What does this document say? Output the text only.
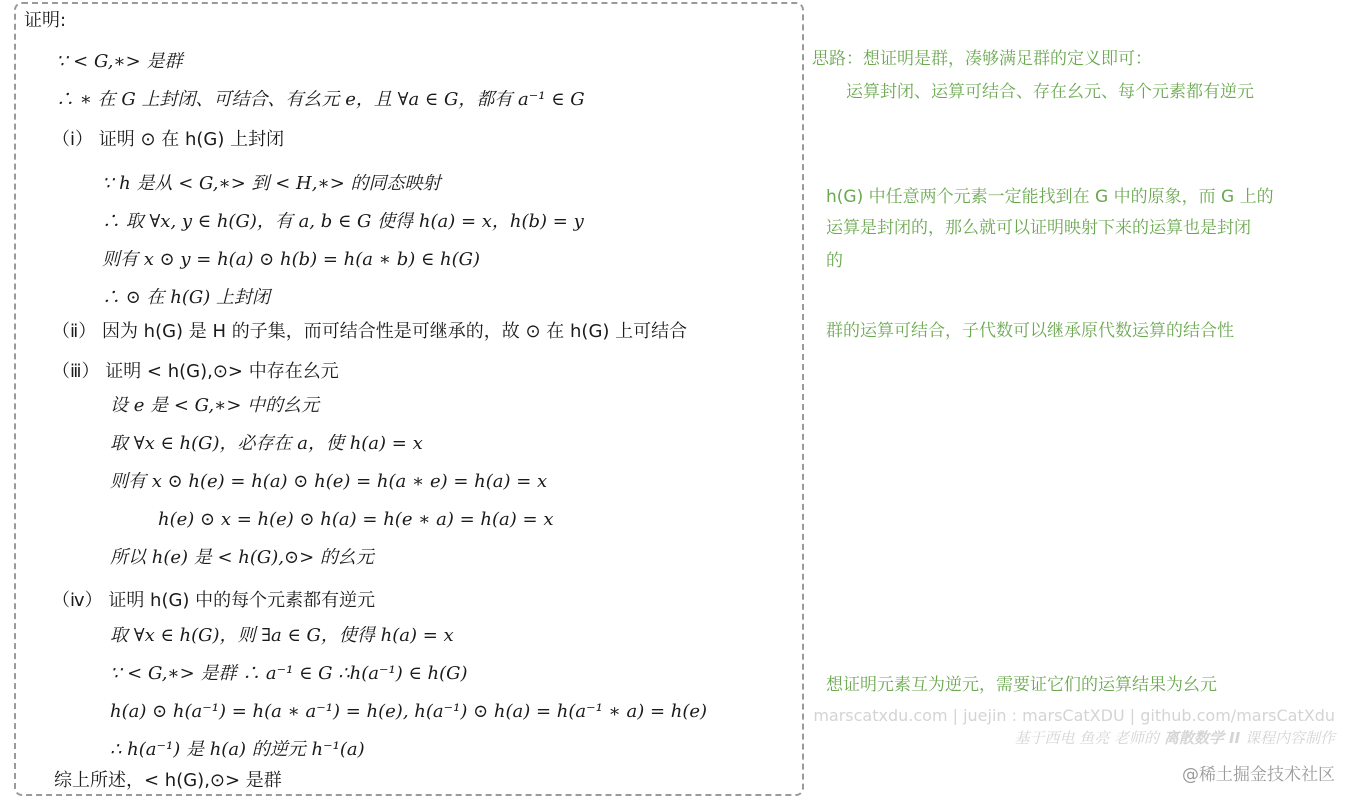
证明:
∵ < G,∗> 是群
∴ ∗ 在 G 上封闭、可结合、有幺元 e，且 ∀a ∈ G，都有 a⁻¹ ∈ G
（ⅰ） 证明 ⊙ 在 h(G) 上封闭
∵ h 是从 < G,∗> 到 < H,∗> 的同态映射
∴ 取 ∀x, y ∈ h(G)，有 a, b ∈ G 使得 h(a) = x，h(b) = y
则有 x ⊙ y = h(a) ⊙ h(b) = h(a ∗ b) ∈ h(G)
∴ ⊙ 在 h(G) 上封闭
（ⅱ） 因为 h(G) 是 H 的子集，而可结合性是可继承的，故 ⊙ 在 h(G) 上可结合
（ⅲ） 证明 < h(G),⊙> 中存在幺元
设 e 是 < G,∗> 中的幺元
取 ∀x ∈ h(G)，必存在 a，使 h(a) = x
则有 x ⊙ h(e) = h(a) ⊙ h(e) = h(a ∗ e) = h(a) = x
h(e) ⊙ x = h(e) ⊙ h(a) = h(e ∗ a) = h(a) = x
所以 h(e) 是 < h(G),⊙> 的幺元
（ⅳ） 证明 h(G) 中的每个元素都有逆元
取 ∀x ∈ h(G)，则 ∃a ∈ G，使得 h(a) = x
∵ < G,∗> 是群 ∴ a⁻¹ ∈ G ∴h(a⁻¹) ∈ h(G)
h(a) ⊙ h(a⁻¹) = h(a ∗ a⁻¹) = h(e), h(a⁻¹) ⊙ h(a) = h(a⁻¹ ∗ a) = h(e)
∴ h(a⁻¹) 是 h(a) 的逆元 h⁻¹(a)
综上所述，< h(G),⊙> 是群
思路：想证明是群，凑够满足群的定义即可：
运算封闭、运算可结合、存在幺元、每个元素都有逆元
h(G) 中任意两个元素一定能找到在 G 中的原象，而 G 上的
运算是封闭的，那么就可以证明映射下来的运算也是封闭
的
群的运算可结合，子代数可以继承原代数运算的结合性
想证明元素互为逆元，需要证它们的运算结果为幺元
marscatxdu.com | juejin : marsCatXDU | github.com/marsCatXdu
基于西电 鱼亮 老师的 离散数学 II 课程内容制作
@稀土掘金技术社区
